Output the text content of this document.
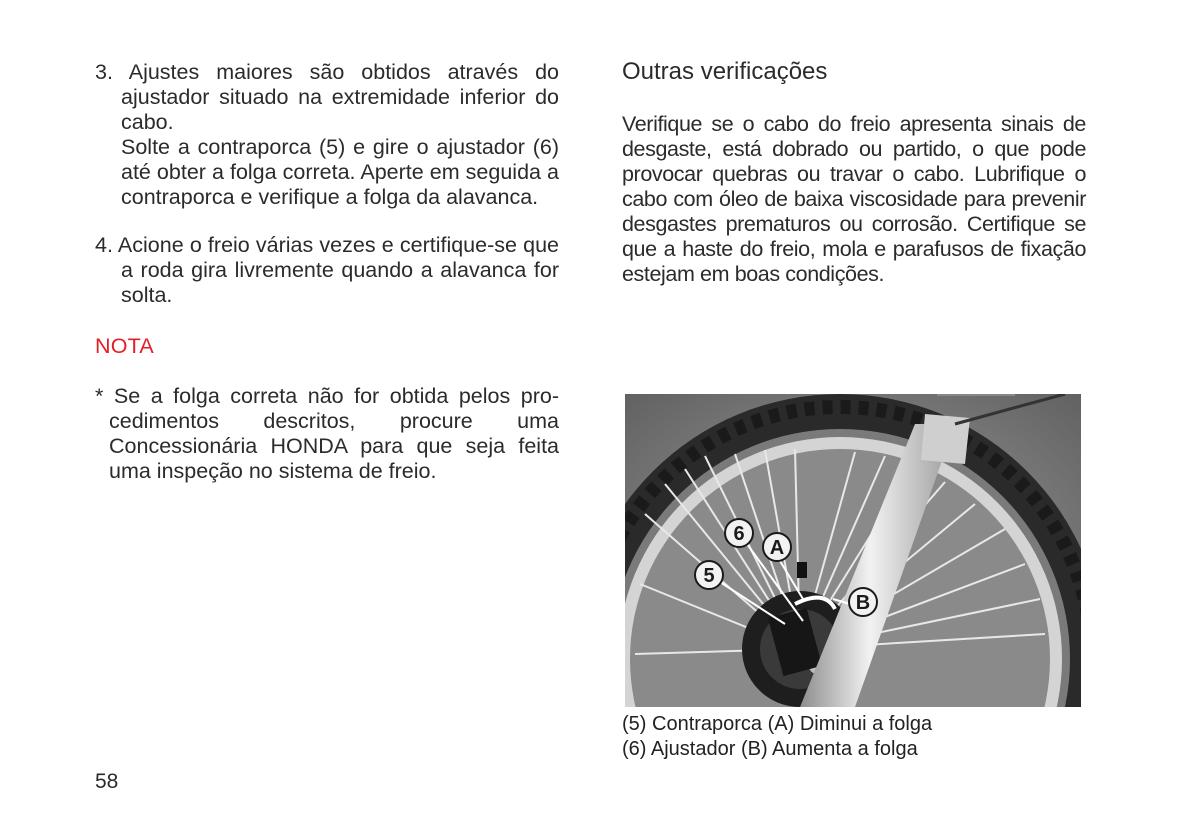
3. Ajustes maiores são obtidos através do ajustador situado na extremidade inferior do cabo.

Solte a contraporca (5) e gire o ajustador (6) até obter a folga correta. Aperte em seguida a contraporca e verifique a folga da alavanca.

4. Acione o freio várias vezes e certifique-se que a roda gira livremente quando a alavanca for solta.

NOTA
* Se a folga correta não for obtida pelos procedimentos descritos, procure uma Concessionária HONDA para que seja feita uma inspeção no sistema de freio.
Outras verificações
Verifique se o cabo do freio apresenta sinais de desgaste, está dobrado ou partido, o que pode provocar quebras ou travar o cabo. Lubrifique o cabo com óleo de baixa viscosidade para prevenir desgastes prematuros ou corrosão. Certifique se que a haste do freio, mola e parafusos de fixação estejam em boas condições.
6
A
5
B
(5) Contraporca (A) Diminui a folga
(6) Ajustador (B) Aumenta a folga
58
